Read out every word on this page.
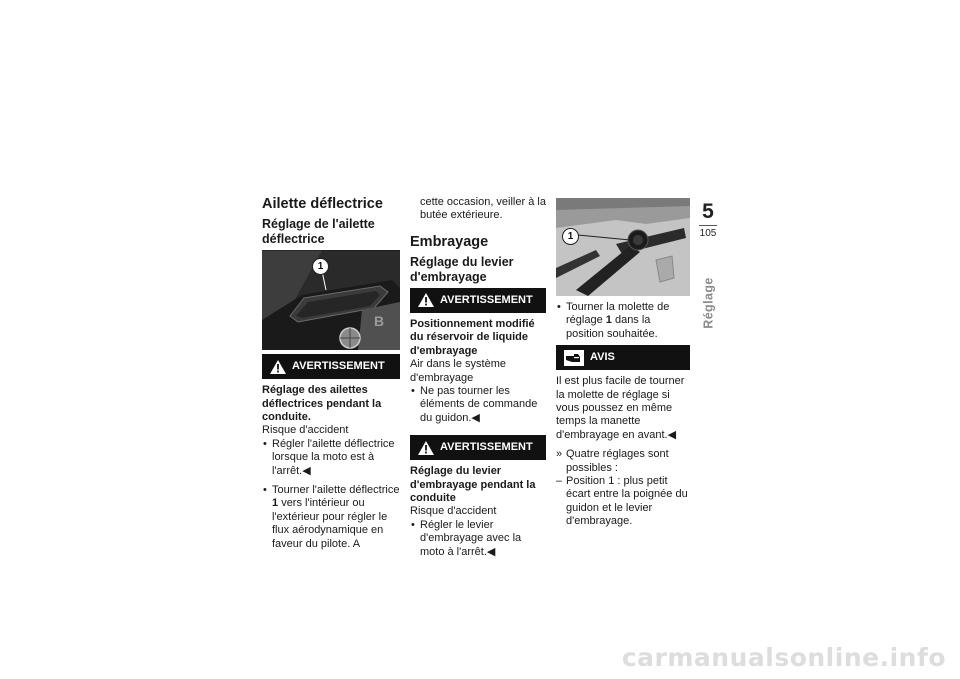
Ailette déflectrice
Réglage de l'ailette déflectrice
B
1
AVERTISSEMENT

Réglage des ailettes déflectrices pendant la conduite.

Risque d'accident

• Régler l'ailette déflectrice lorsque la moto est à l'arrêt.◀

• Tourner l'ailette déflectrice 1 vers l'intérieur ou l'extérieur pour régler le flux aérodynamique en faveur du pilote. A

cette occasion, veiller à la butée extérieure.

Embrayage
Réglage du levier d'embrayage
AVERTISSEMENT

Positionnement modifié du réservoir de liquide d'embrayage

Air dans le système d'embrayage

• Ne pas tourner les éléments de commande du guidon.◀

AVERTISSEMENT

Réglage du levier d'embrayage pendant la conduite

Risque d'accident

• Régler le levier d'embrayage avec la moto à l'arrêt.◀

1

• Tourner la molette de réglage 1 dans la position souhaitée.

AVIS

Il est plus facile de tourner la molette de réglage si vous poussez en même temps la manette d'embrayage en avant.◀

» Quatre réglages sont possibles :

– Position 1 : plus petit écart entre la poignée du guidon et le levier d'embrayage.

5
105
Réglage
carmanualsonline.info
